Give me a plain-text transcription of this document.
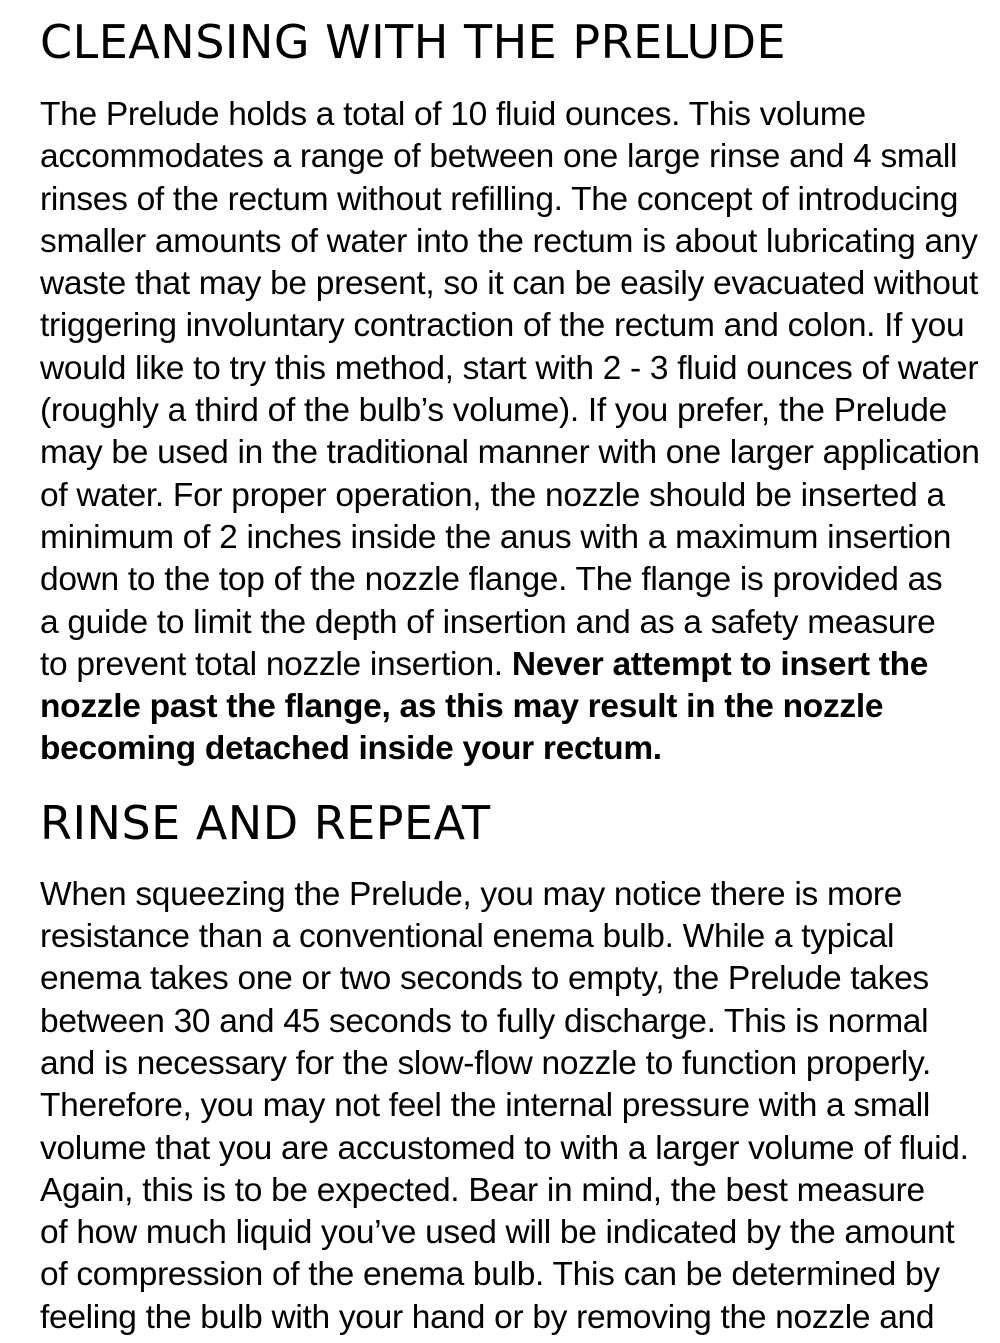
CLEANSING WITH THE PRELUDE

The Prelude holds a total of 10 fluid ounces. This volume
accommodates a range of between one large rinse and 4 small
rinses of the rectum without refilling. The concept of introducing
smaller amounts of water into the rectum is about lubricating any
waste that may be present, so it can be easily evacuated without
triggering involuntary contraction of the rectum and colon. If you
would like to try this method, start with 2 - 3 fluid ounces of water
(roughly a third of the bulb’s volume). If you prefer, the Prelude
may be used in the traditional manner with one larger application
of water. For proper operation, the nozzle should be inserted a
minimum of 2 inches inside the anus with a maximum insertion
down to the top of the nozzle flange. The flange is provided as
a guide to limit the depth of insertion and as a safety measure
to prevent total nozzle insertion. Never attempt to insert the
nozzle past the flange, as this may result in the nozzle
becoming detached inside your rectum.

RINSE AND REPEAT

When squeezing the Prelude, you may notice there is more
resistance than a conventional enema bulb. While a typical
enema takes one or two seconds to empty, the Prelude takes
between 30 and 45 seconds to fully discharge. This is normal
and is necessary for the slow-flow nozzle to function properly.
Therefore, you may not feel the internal pressure with a small
volume that you are accustomed to with a larger volume of fluid.
Again, this is to be expected. Bear in mind, the best measure
of how much liquid you’ve used will be indicated by the amount
of compression of the enema bulb. This can be determined by
feeling the bulb with your hand or by removing the nozzle and
